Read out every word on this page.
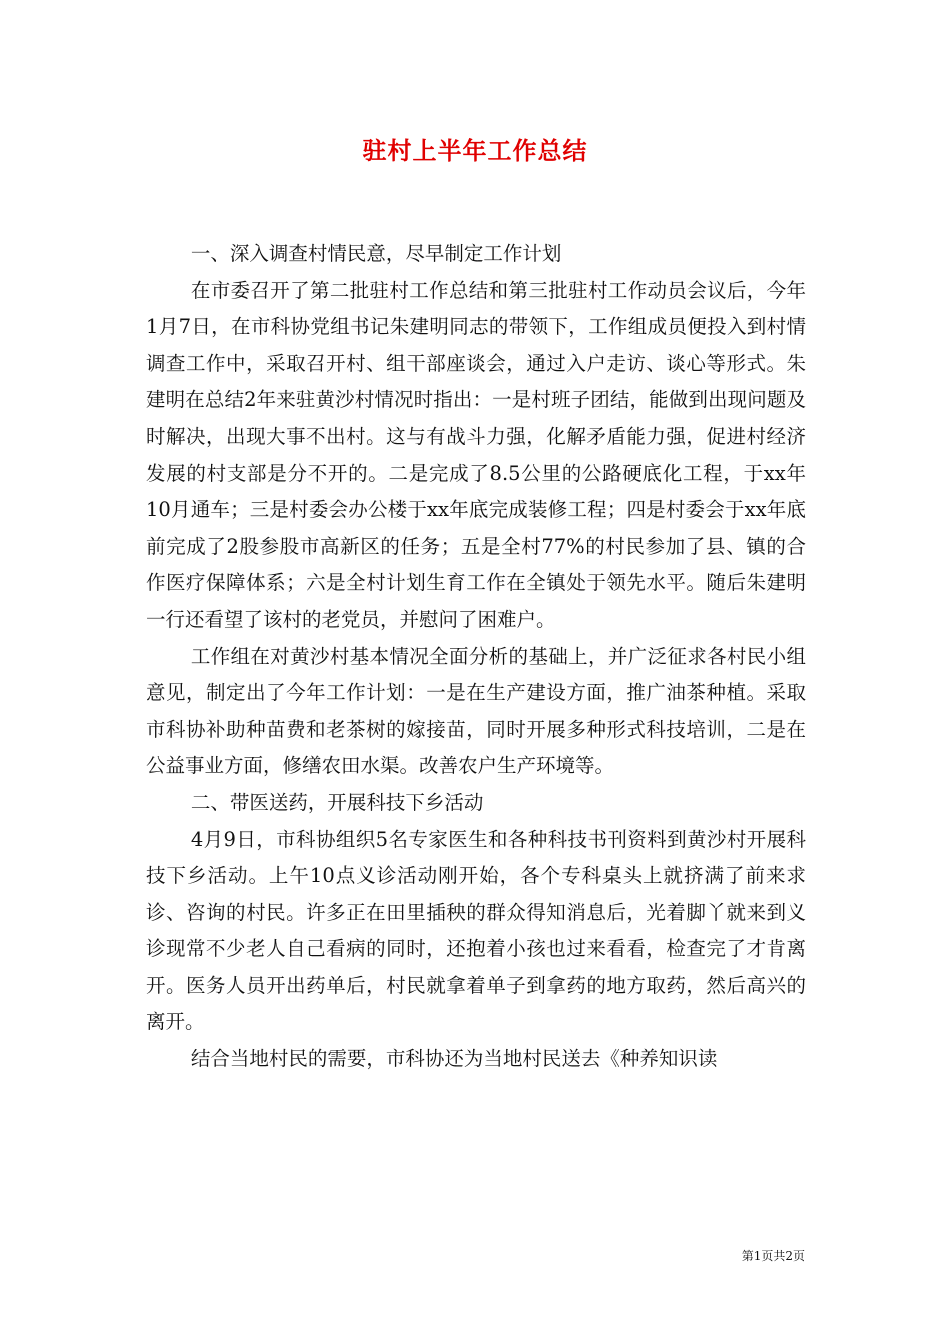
驻村上半年工作总结

一、深入调查村情民意，尽早制定工作计划

在市委召开了第二批驻村工作总结和第三批驻村工作动员会议后，今年1月7日，在市科协党组书记朱建明同志的带领下，工作组成员便投入到村情调查工作中，采取召开村、组干部座谈会，通过入户走访、谈心等形式。朱建明在总结2年来驻黄沙村情况时指出：一是村班子团结，能做到出现问题及时解决，出现大事不出村。这与有战斗力强，化解矛盾能力强，促进村经济发展的村支部是分不开的。二是完成了8.5公里的公路硬底化工程，于xx年10月通车；三是村委会办公楼于xx年底完成装修工程；四是村委会于xx年底前完成了2股参股市高新区的任务；五是全村77%的村民参加了县、镇的合作医疗保障体系；六是全村计划生育工作在全镇处于领先水平。随后朱建明一行还看望了该村的老党员，并慰问了困难户。

工作组在对黄沙村基本情况全面分析的基础上，并广泛征求各村民小组意见，制定出了今年工作计划：一是在生产建设方面，推广油茶种植。采取市科协补助种苗费和老茶树的嫁接苗，同时开展多种形式科技培训，二是在公益事业方面，修缮农田水渠。改善农户生产环境等。

二、带医送药，开展科技下乡活动

4月9日，市科协组织5名专家医生和各种科技书刊资料到黄沙村开展科技下乡活动。上午10点义诊活动刚开始，各个专科桌头上就挤满了前来求诊、咨询的村民。许多正在田里插秧的群众得知消息后，光着脚丫就来到义诊现常不少老人自己看病的同时，还抱着小孩也过来看看，检查完了才肯离开。医务人员开出药单后，村民就拿着单子到拿药的地方取药，然后高兴的离开。

结合当地村民的需要，市科协还为当地村民送去《种养知识读

第1页共2页
